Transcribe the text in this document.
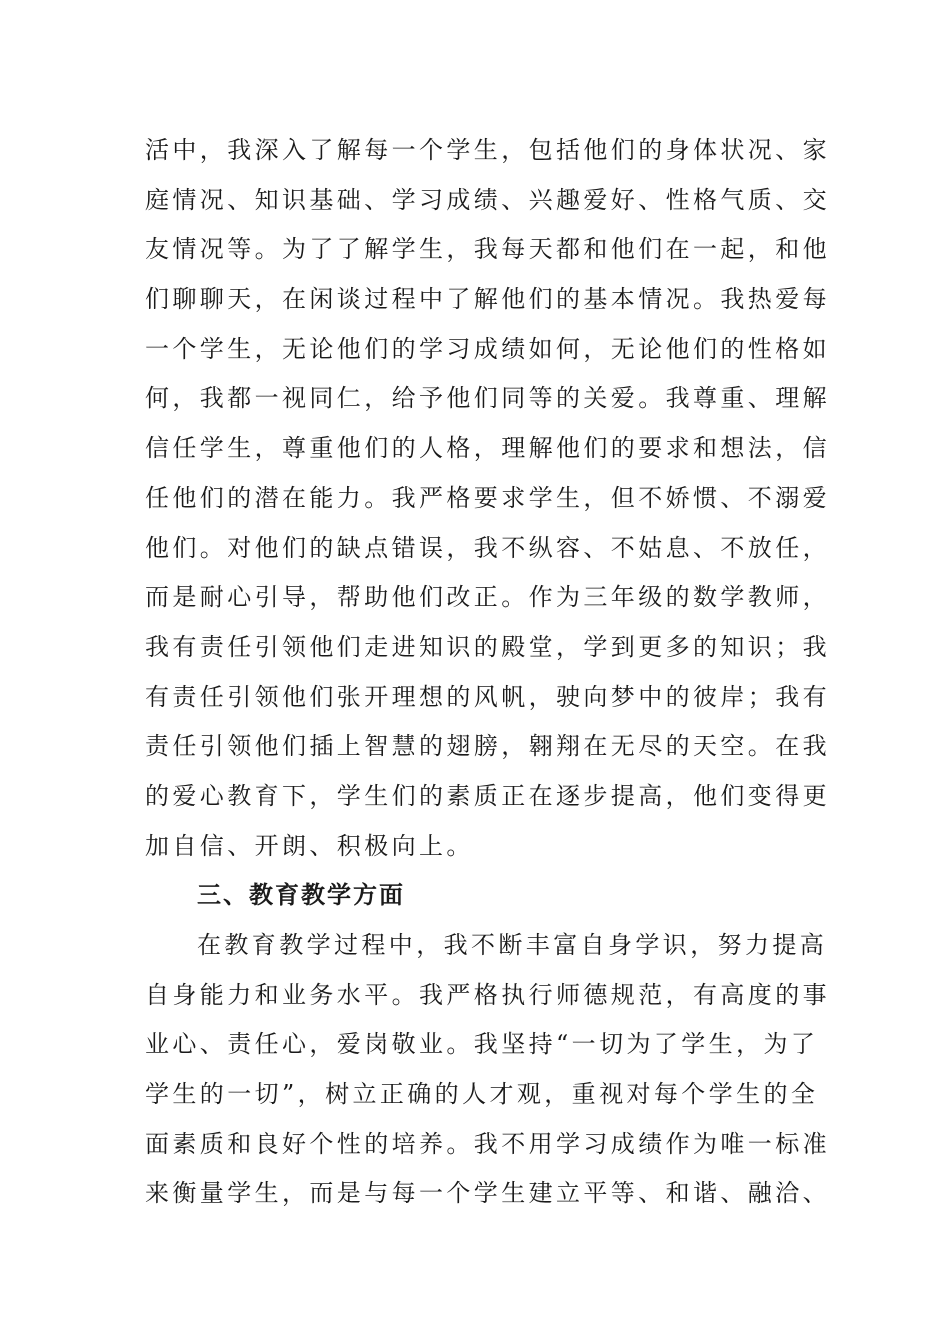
活中，我深入了解每一个学生，包括他们的身体状况、家
庭情况、知识基础、学习成绩、兴趣爱好、性格气质、交
友情况等。为了了解学生，我每天都和他们在一起，和他
们聊聊天，在闲谈过程中了解他们的基本情况。我热爱每
一个学生，无论他们的学习成绩如何，无论他们的性格如
何，我都一视同仁，给予他们同等的关爱。我尊重、理解
信任学生，尊重他们的人格，理解他们的要求和想法，信
任他们的潜在能力。我严格要求学生，但不娇惯、不溺爱
他们。对他们的缺点错误，我不纵容、不姑息、不放任，
而是耐心引导，帮助他们改正。作为三年级的数学教师，
我有责任引领他们走进知识的殿堂，学到更多的知识；我
有责任引领他们张开理想的风帆，驶向梦中的彼岸；我有
责任引领他们插上智慧的翅膀，翱翔在无尽的天空。在我
的爱心教育下，学生们的素质正在逐步提高，他们变得更
加自信、开朗、积极向上。
三、教育教学方面
在教育教学过程中，我不断丰富自身学识，努力提高
自身能力和业务水平。我严格执行师德规范，有高度的事
业心、责任心，爱岗敬业。我坚持“一切为了学生，为了
学生的一切”，树立正确的人才观，重视对每个学生的全
面素质和良好个性的培养。我不用学习成绩作为唯一标准
来衡量学生，而是与每一个学生建立平等、和谐、融洽、
